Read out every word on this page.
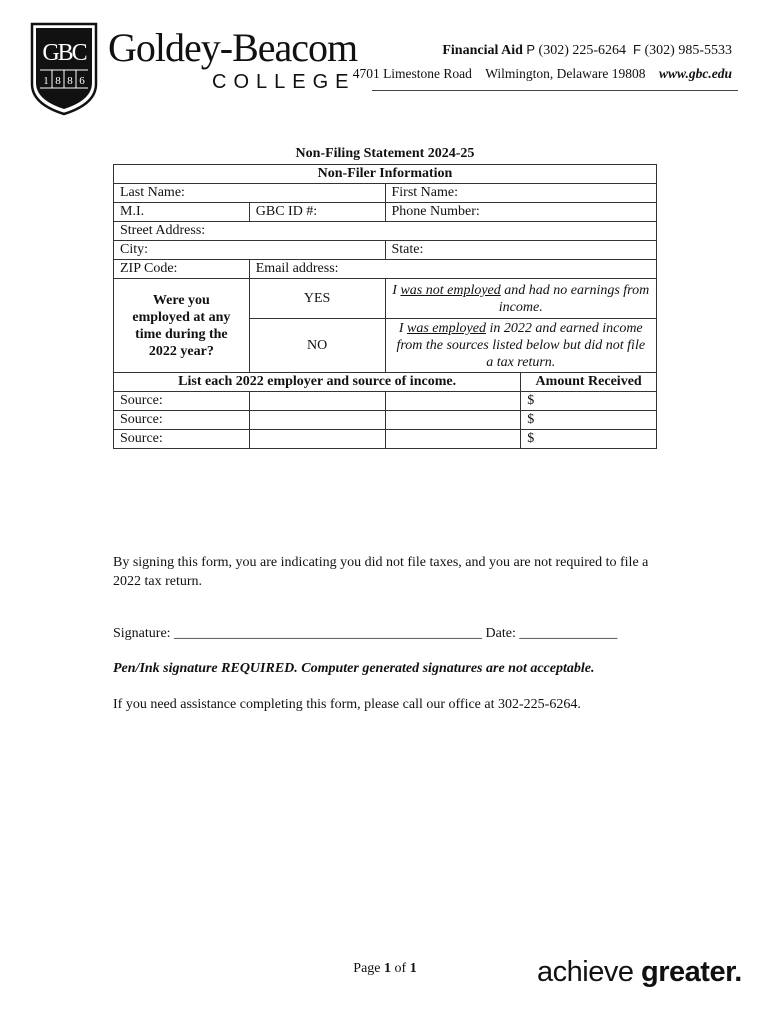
GBC
1 8 8 6
Goldey-Beacom
COLLEGE
Financial Aid P (302) 225-6264 F (302) 985-5533
4701 Limestone Road Wilmington, Delaware 19808 www.gbc.edu
Non-Filing Statement 2024-25
Non-Filer Information			
Last Name:		First Name:	
M.I.	GBC ID #:	Phone Number:	
Street Address:			
City:		State:	
ZIP Code:	Email address:		
Were you employed at any time during the 2022 year?	YES	I was not employed and had no earnings from income.	
	NO	I was employed in 2022 and earned income from the sources listed below but did not file a tax return.	
List each 2022 employer and source of income.			Amount Received
Source:			$
Source:			$
Source:			$
By signing this form, you are indicating you did not file taxes, and you are not required to file a 2022 tax return.
Signature: ____________________________________________ Date: ______________
Pen/Ink signature REQUIRED. Computer generated signatures are not acceptable.
If you need assistance completing this form, please call our office at 302-225-6264.
Page 1 of 1	achieve greater.
